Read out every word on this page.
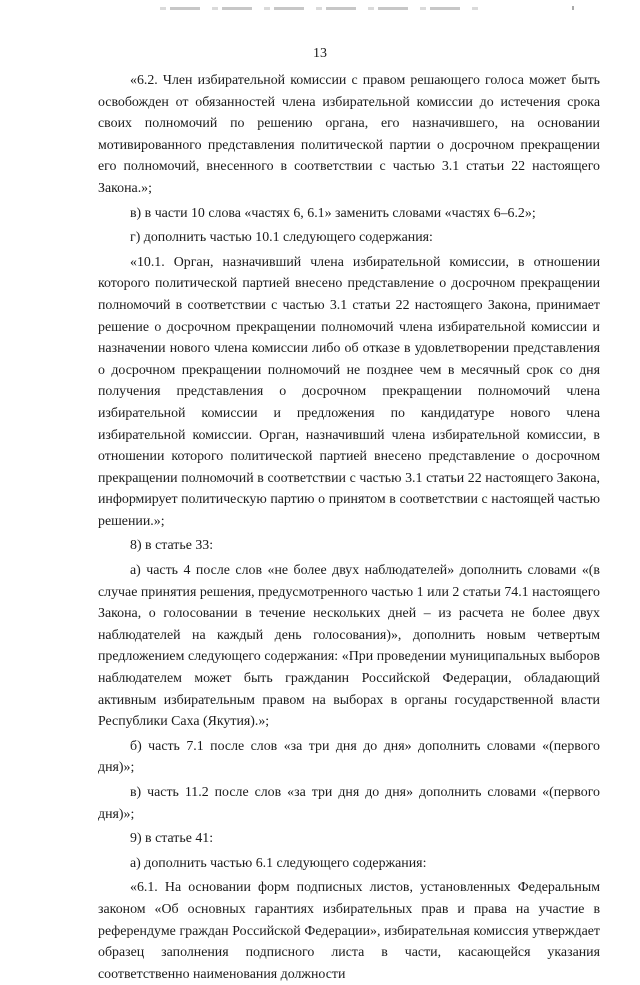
13

«6.2. Член избирательной комиссии с правом решающего голоса может быть освобожден от обязанностей члена избирательной комиссии до истечения срока своих полномочий по решению органа, его назначившего, на основании мотивированного представления политической партии о досрочном прекращении его полномочий, внесенного в соответствии с частью 3.1 статьи 22 настоящего Закона.»;

в) в части 10 слова «частях 6, 6.1» заменить словами «частях 6–6.2»;

г) дополнить частью 10.1 следующего содержания:

«10.1. Орган, назначивший члена избирательной комиссии, в отношении которого политической партией внесено представление о досрочном прекращении полномочий в соответствии с частью 3.1 статьи 22 настоящего Закона, принимает решение о досрочном прекращении полномочий члена избирательной комиссии и назначении нового члена комиссии либо об отказе в удовлетворении представления о досрочном прекращении полномочий не позднее чем в месячный срок со дня получения представления о досрочном прекращении полномочий члена избирательной комиссии и предложения по кандидатуре нового члена избирательной комиссии. Орган, назначивший члена избирательной комиссии, в отношении которого политической партией внесено представление о досрочном прекращении полномочий в соответствии с частью 3.1 статьи 22 настоящего Закона, информирует политическую партию о принятом в соответствии с настоящей частью решении.»;

8) в статье 33:

а) часть 4 после слов «не более двух наблюдателей» дополнить словами «(в случае принятия решения, предусмотренного частью 1 или 2 статьи 74.1 настоящего Закона, о голосовании в течение нескольких дней – из расчета не более двух наблюдателей на каждый день голосования)», дополнить новым четвертым предложением следующего содержания: «При проведении муниципальных выборов наблюдателем может быть гражданин Российской Федерации, обладающий активным избирательным правом на выборах в органы государственной власти Республики Саха (Якутия).»;

б) часть 7.1 после слов «за три дня до дня» дополнить словами «(первого дня)»;

в) часть 11.2 после слов «за три дня до дня» дополнить словами «(первого дня)»;

9) в статье 41:

а) дополнить частью 6.1 следующего содержания:

«6.1. На основании форм подписных листов, установленных Федеральным законом «Об основных гарантиях избирательных прав и права на участие в референдуме граждан Российской Федерации», избирательная комиссия утверждает образец заполнения подписного листа в части, касающейся указания соответственно наименования должности
